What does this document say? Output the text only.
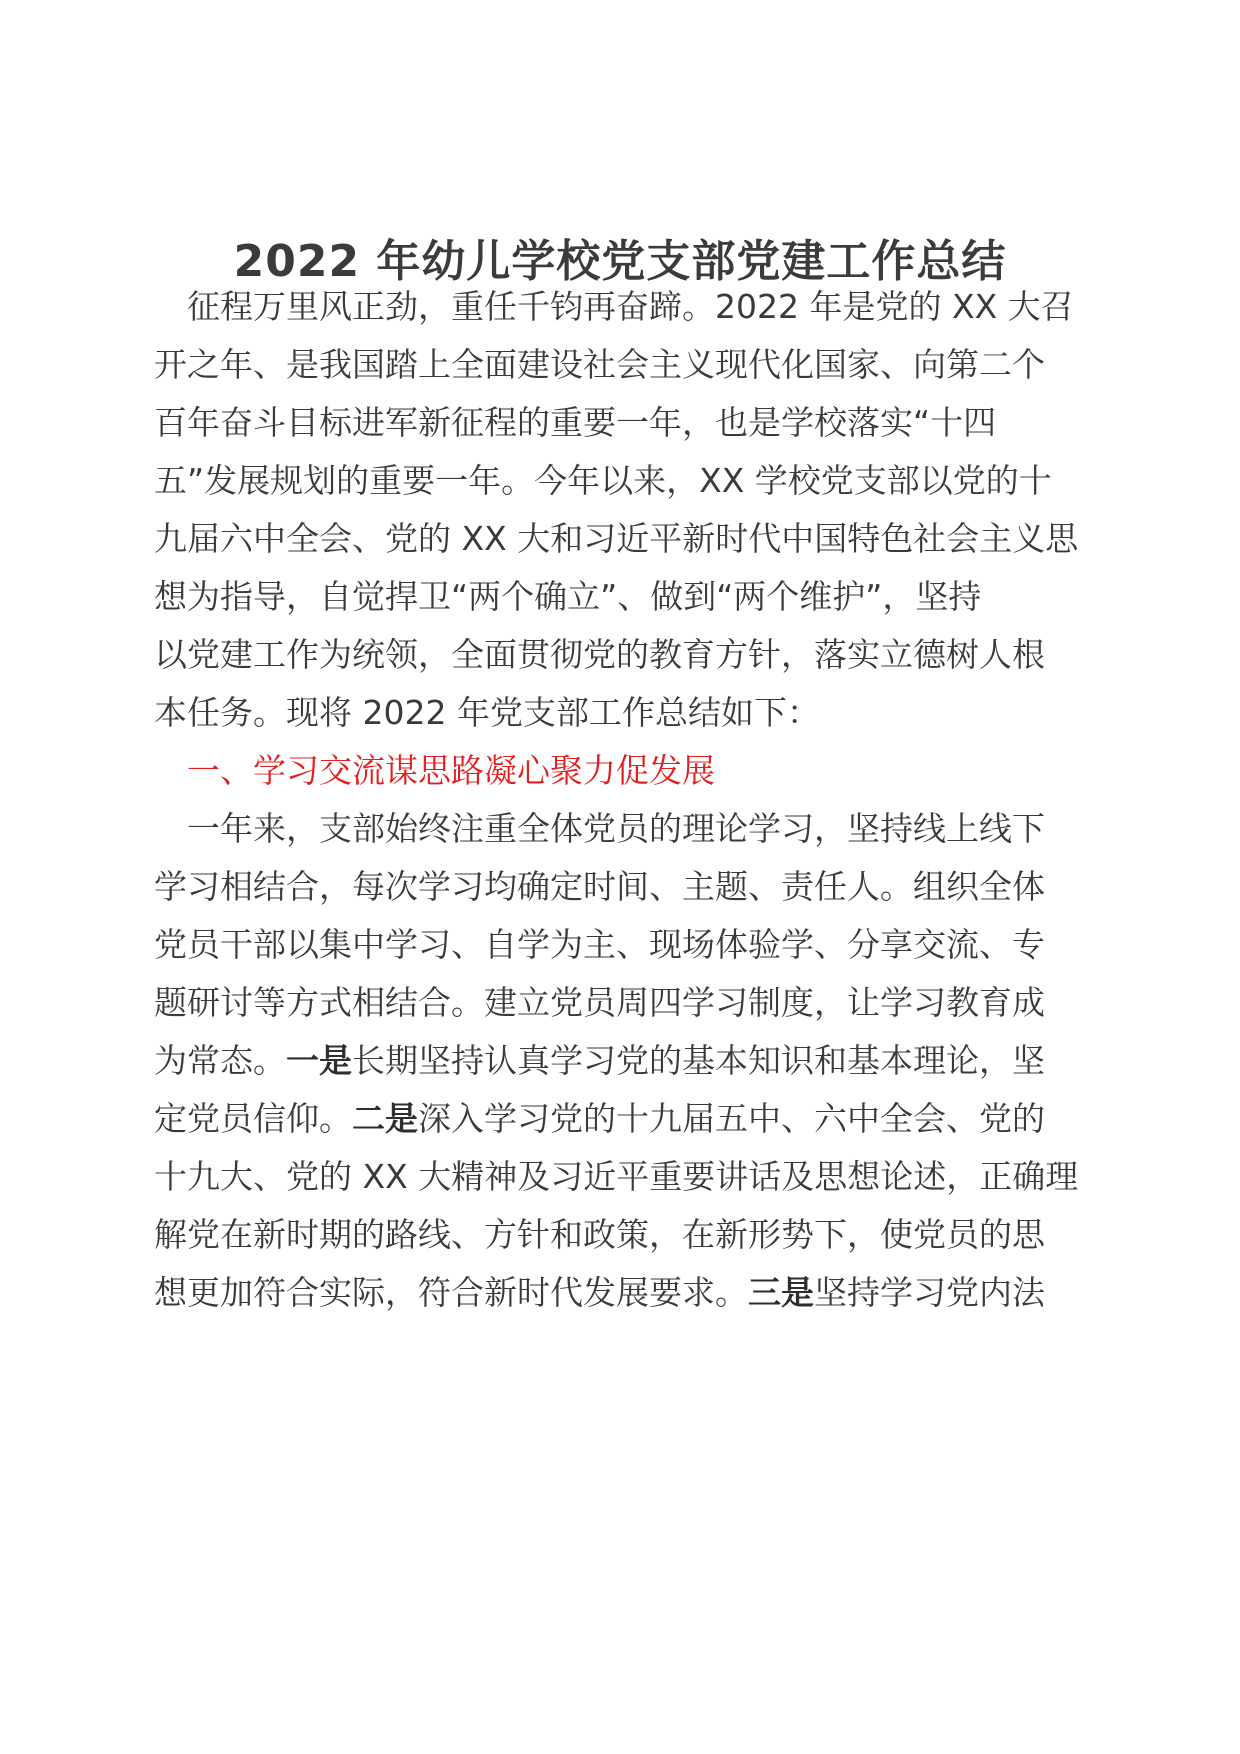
2022 年幼儿学校党支部党建工作总结
征程万里风正劲，重任千钧再奋蹄。2022 年是党的 XX 大召
开之年、是我国踏上全面建设社会主义现代化国家、向第二个
百年奋斗目标进军新征程的重要一年，也是学校落实“十四
五”发展规划的重要一年。今年以来，XX 学校党支部以党的十
九届六中全会、党的 XX 大和习近平新时代中国特色社会主义思
想为指导，自觉捍卫“两个确立”、做到“两个维护”，坚持
以党建工作为统领，全面贯彻党的教育方针，落实立德树人根
本任务。现将 2022 年党支部工作总结如下：
一、学习交流谋思路凝心聚力促发展
一年来，支部始终注重全体党员的理论学习，坚持线上线下
学习相结合，每次学习均确定时间、主题、责任人。组织全体
党员干部以集中学习、自学为主、现场体验学、分享交流、专
题研讨等方式相结合。建立党员周四学习制度，让学习教育成
为常态。一是长期坚持认真学习党的基本知识和基本理论，坚
定党员信仰。二是深入学习党的十九届五中、六中全会、党的
十九大、党的 XX 大精神及习近平重要讲话及思想论述，正确理
解党在新时期的路线、方针和政策，在新形势下，使党员的思
想更加符合实际，符合新时代发展要求。三是坚持学习党内法
